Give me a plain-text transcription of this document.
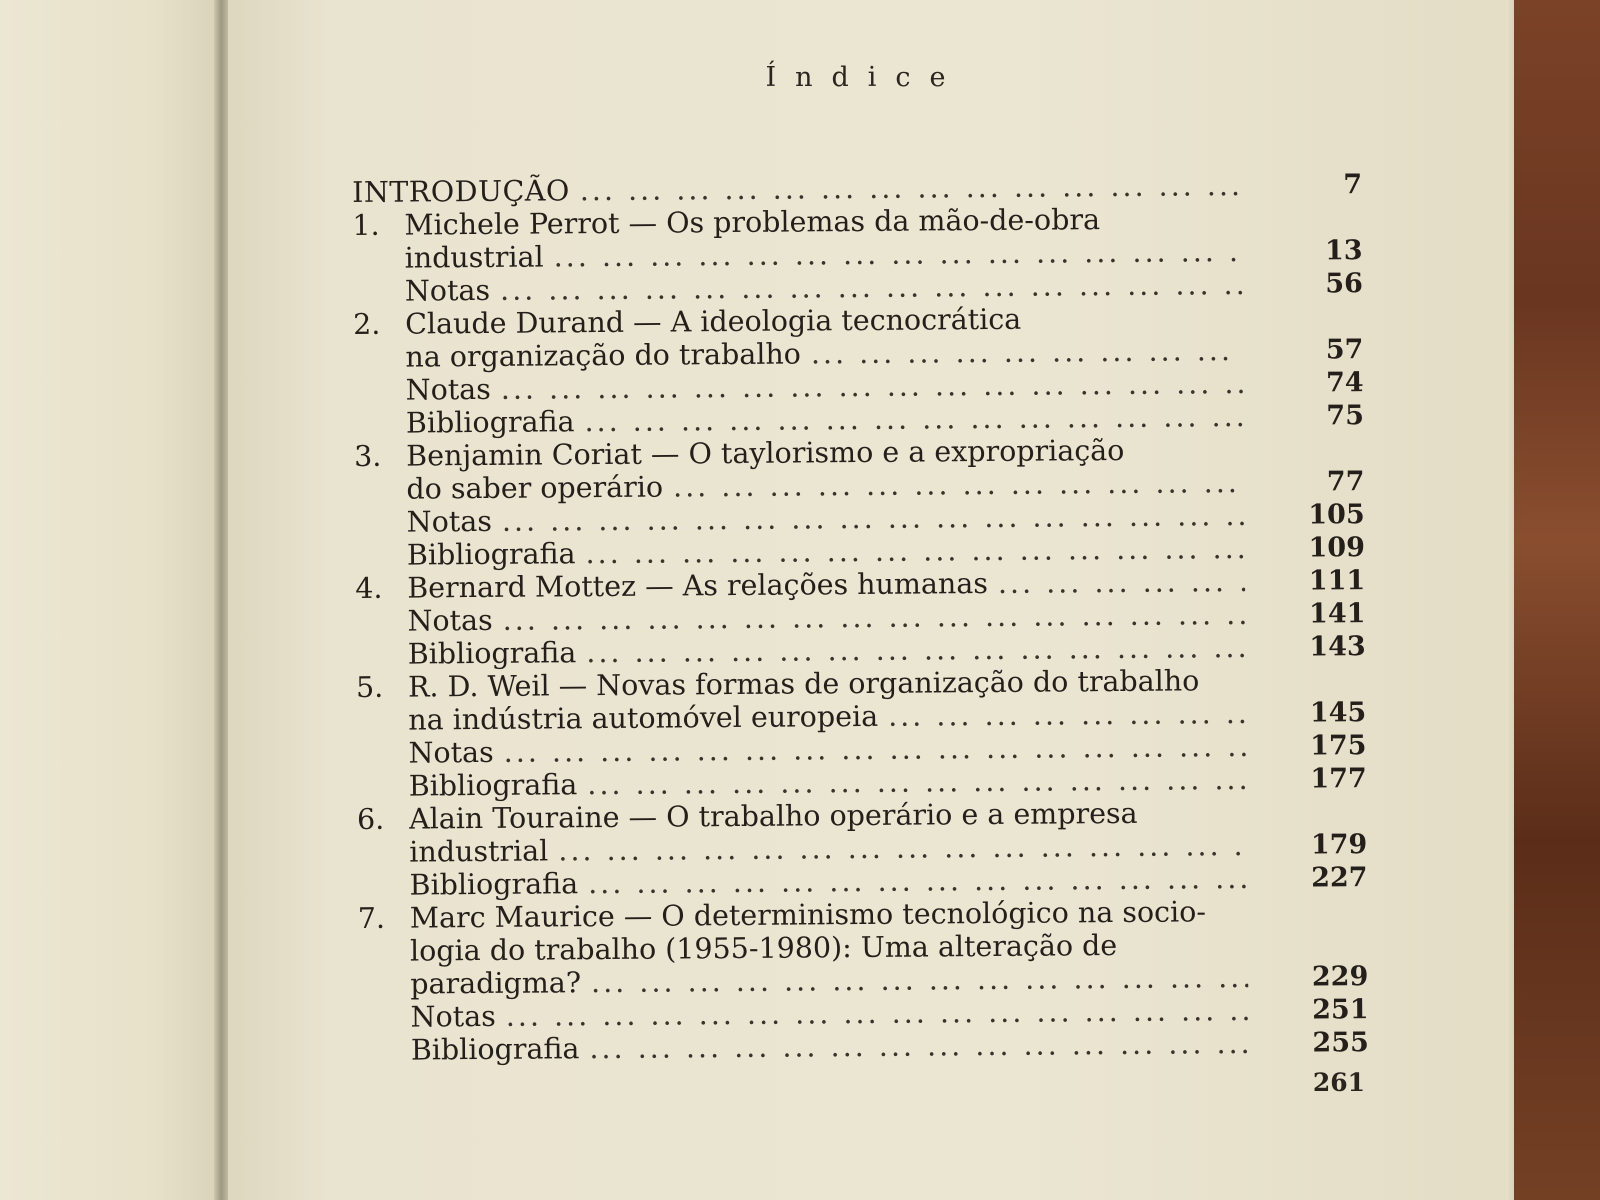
Índice
INTRODUÇÃO ... .	7
1. Michele Perrot — Os problemas da mão-de-obra
industrial ... .	13
Notas ... .	56
2. Claude Durand — A ideologia tecnocrática
na organização do trabalho ... .	57
Notas ... .	74
Bibliografia ... .	75
3. Benjamin Coriat — O taylorismo e a expropriação
do saber operário ... .	77
Notas ... .	105
Bibliografia ... .	109
4. Bernard Mottez — As relações humanas ... .	111
Notas ... .	141
Bibliografia ... .	143
5. R. D. Weil — Novas formas de organização do trabalho
na indústria automóvel europeia ... .	145
Notas ... .	175
Bibliografia ... .	177
6. Alain Touraine — O trabalho operário e a empresa
industrial ... .	179
Bibliografia ... .	227
7. Marc Maurice — O determinismo tecnológico na socio-
logia do trabalho (1955-1980): Uma alteração de
paradigma? ... .	229
Notas ... .	251
Bibliografia ... .	255
261
